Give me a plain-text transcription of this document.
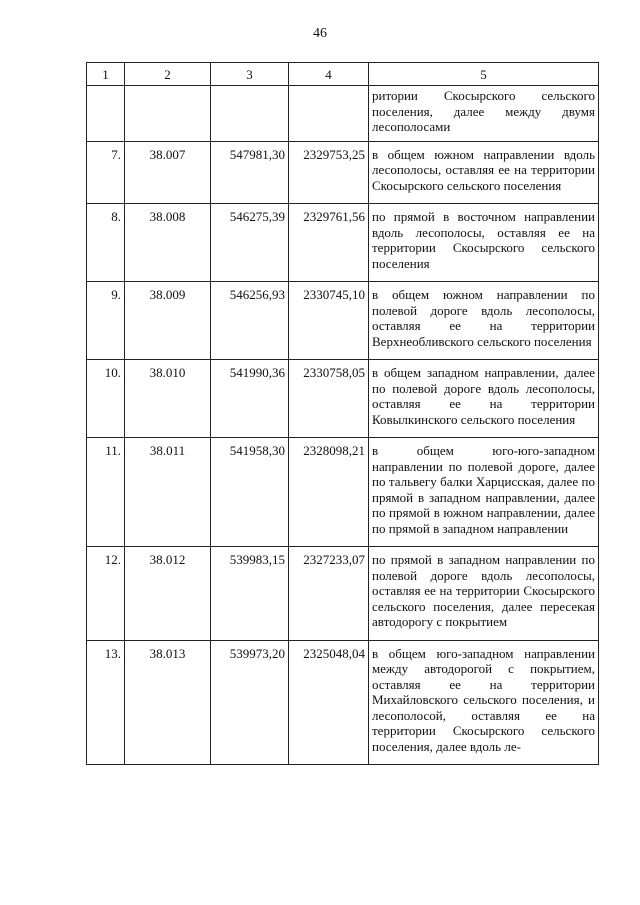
46
1	2	3	4	5
				ритории Скосырского сельского поселения, далее между двумя лесополосами
7.	38.007	547981,30	2329753,25	в общем южном направлении вдоль лесополосы, оставляя ее на территории Скосырского сельского поселения
8.	38.008	546275,39	2329761,56	по прямой в восточном направлении вдоль лесополосы, оставляя ее на территории Скосырского сельского поселения
9.	38.009	546256,93	2330745,10	в общем южном направлении по полевой дороге вдоль лесополосы, оставляя ее на территории Верхнеобливского сельского поселения
10.	38.010	541990,36	2330758,05	в общем западном направлении, далее по полевой дороге вдоль лесополосы, оставляя ее на территории Ковылкинского сельского поселения
11.	38.011	541958,30	2328098,21	в общем юго-юго-западном направлении по полевой дороге, далее по тальвегу балки Харцисская, далее по прямой в западном направлении, далее по прямой в южном направлении, далее по прямой в западном направлении
12.	38.012	539983,15	2327233,07	по прямой в западном направлении по полевой дороге вдоль лесополосы, оставляя ее на территории Скосырского сельского поселения, далее пересекая автодорогу с покрытием
13.	38.013	539973,20	2325048,04	в общем юго-западном направлении между автодорогой с покрытием, оставляя ее на территории Михайловского сельского поселения, и лесополосой, оставляя ее на территории Скосырского сельского поселения, далее вдоль ле-
